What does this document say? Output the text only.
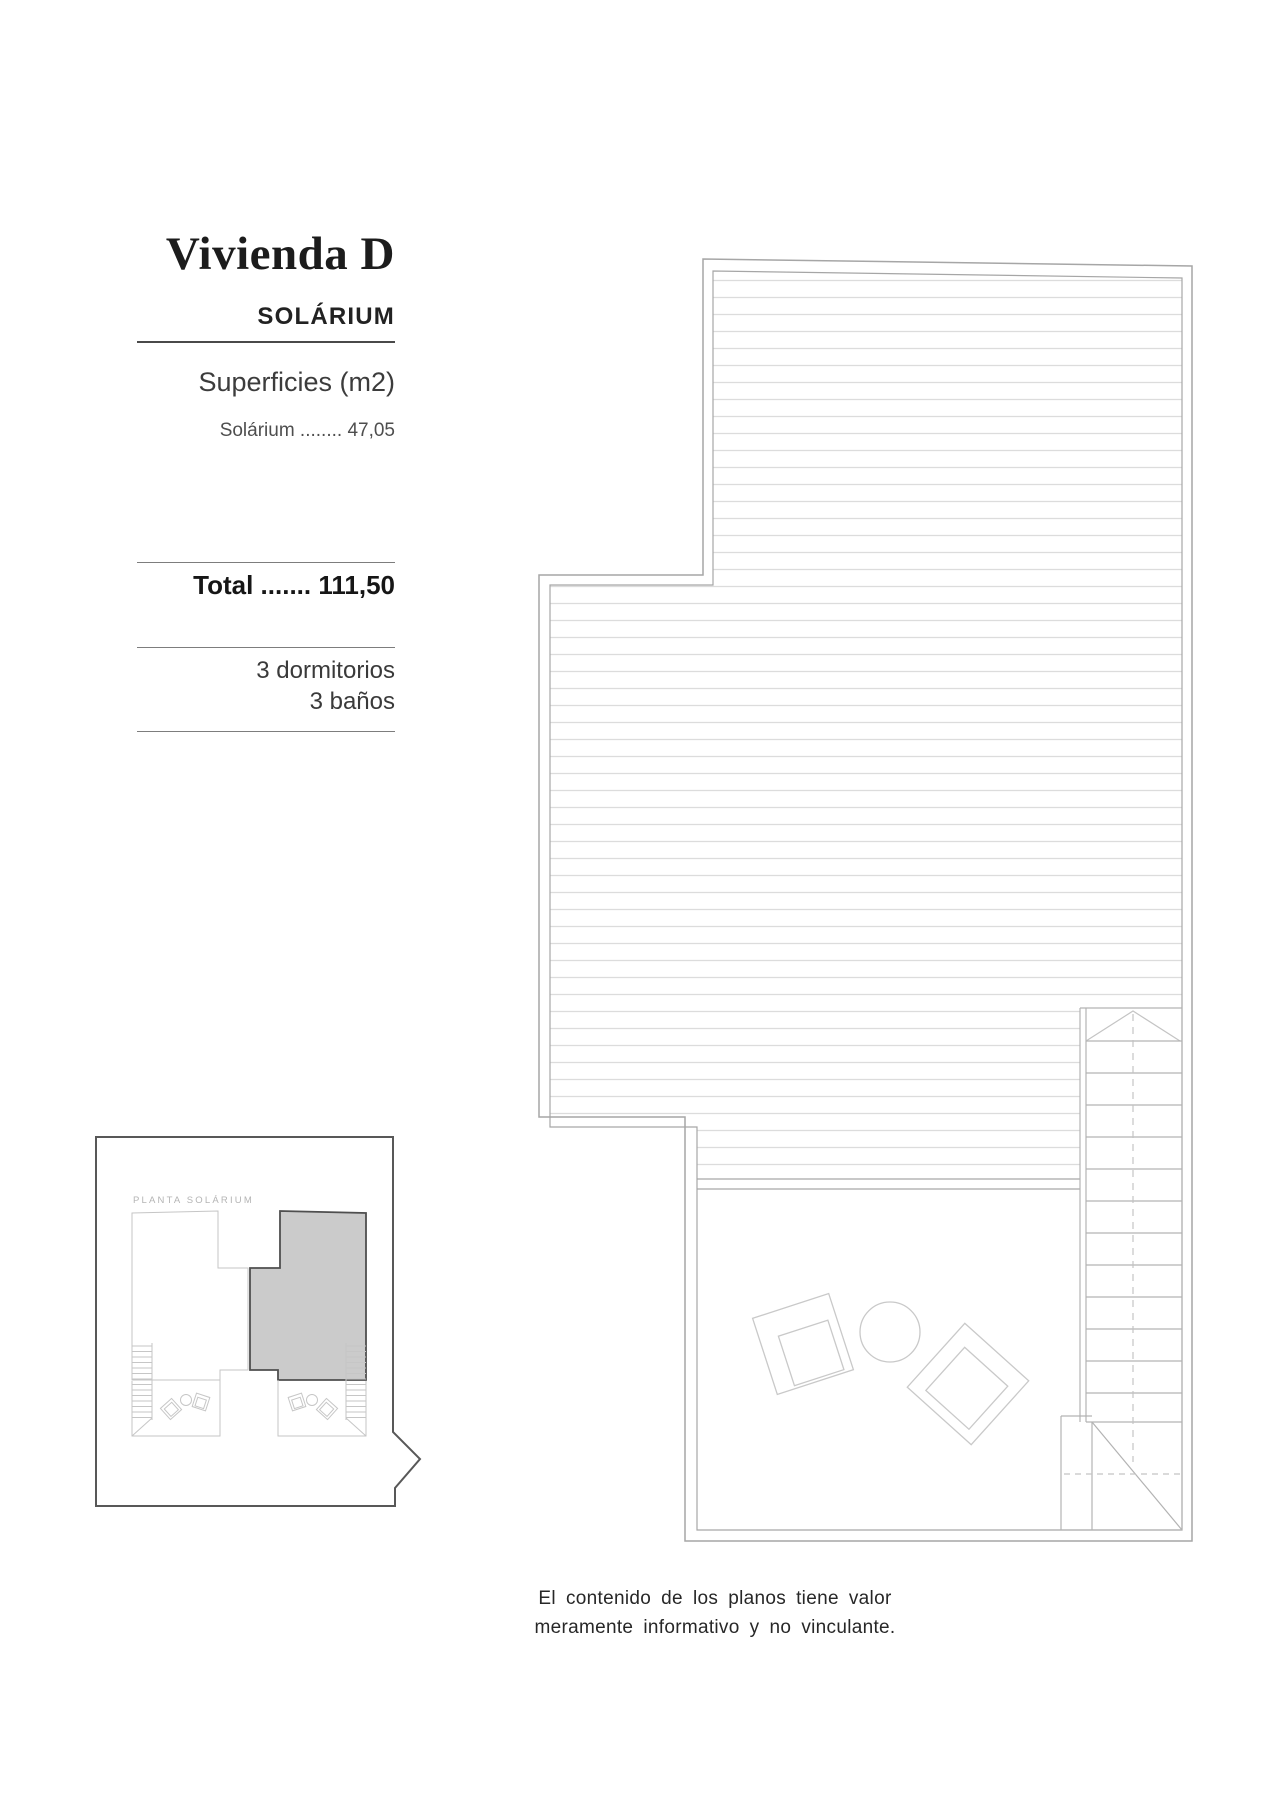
PLANTA SOLÁRIUM
Vivienda D
SOLÁRIUM
Superficies (m2)
Solárium ........ 47,05
Total ....... 111,50
3 dormitorios
3 baños
El contenido de los planos tiene valor
meramente informativo y no vinculante.
